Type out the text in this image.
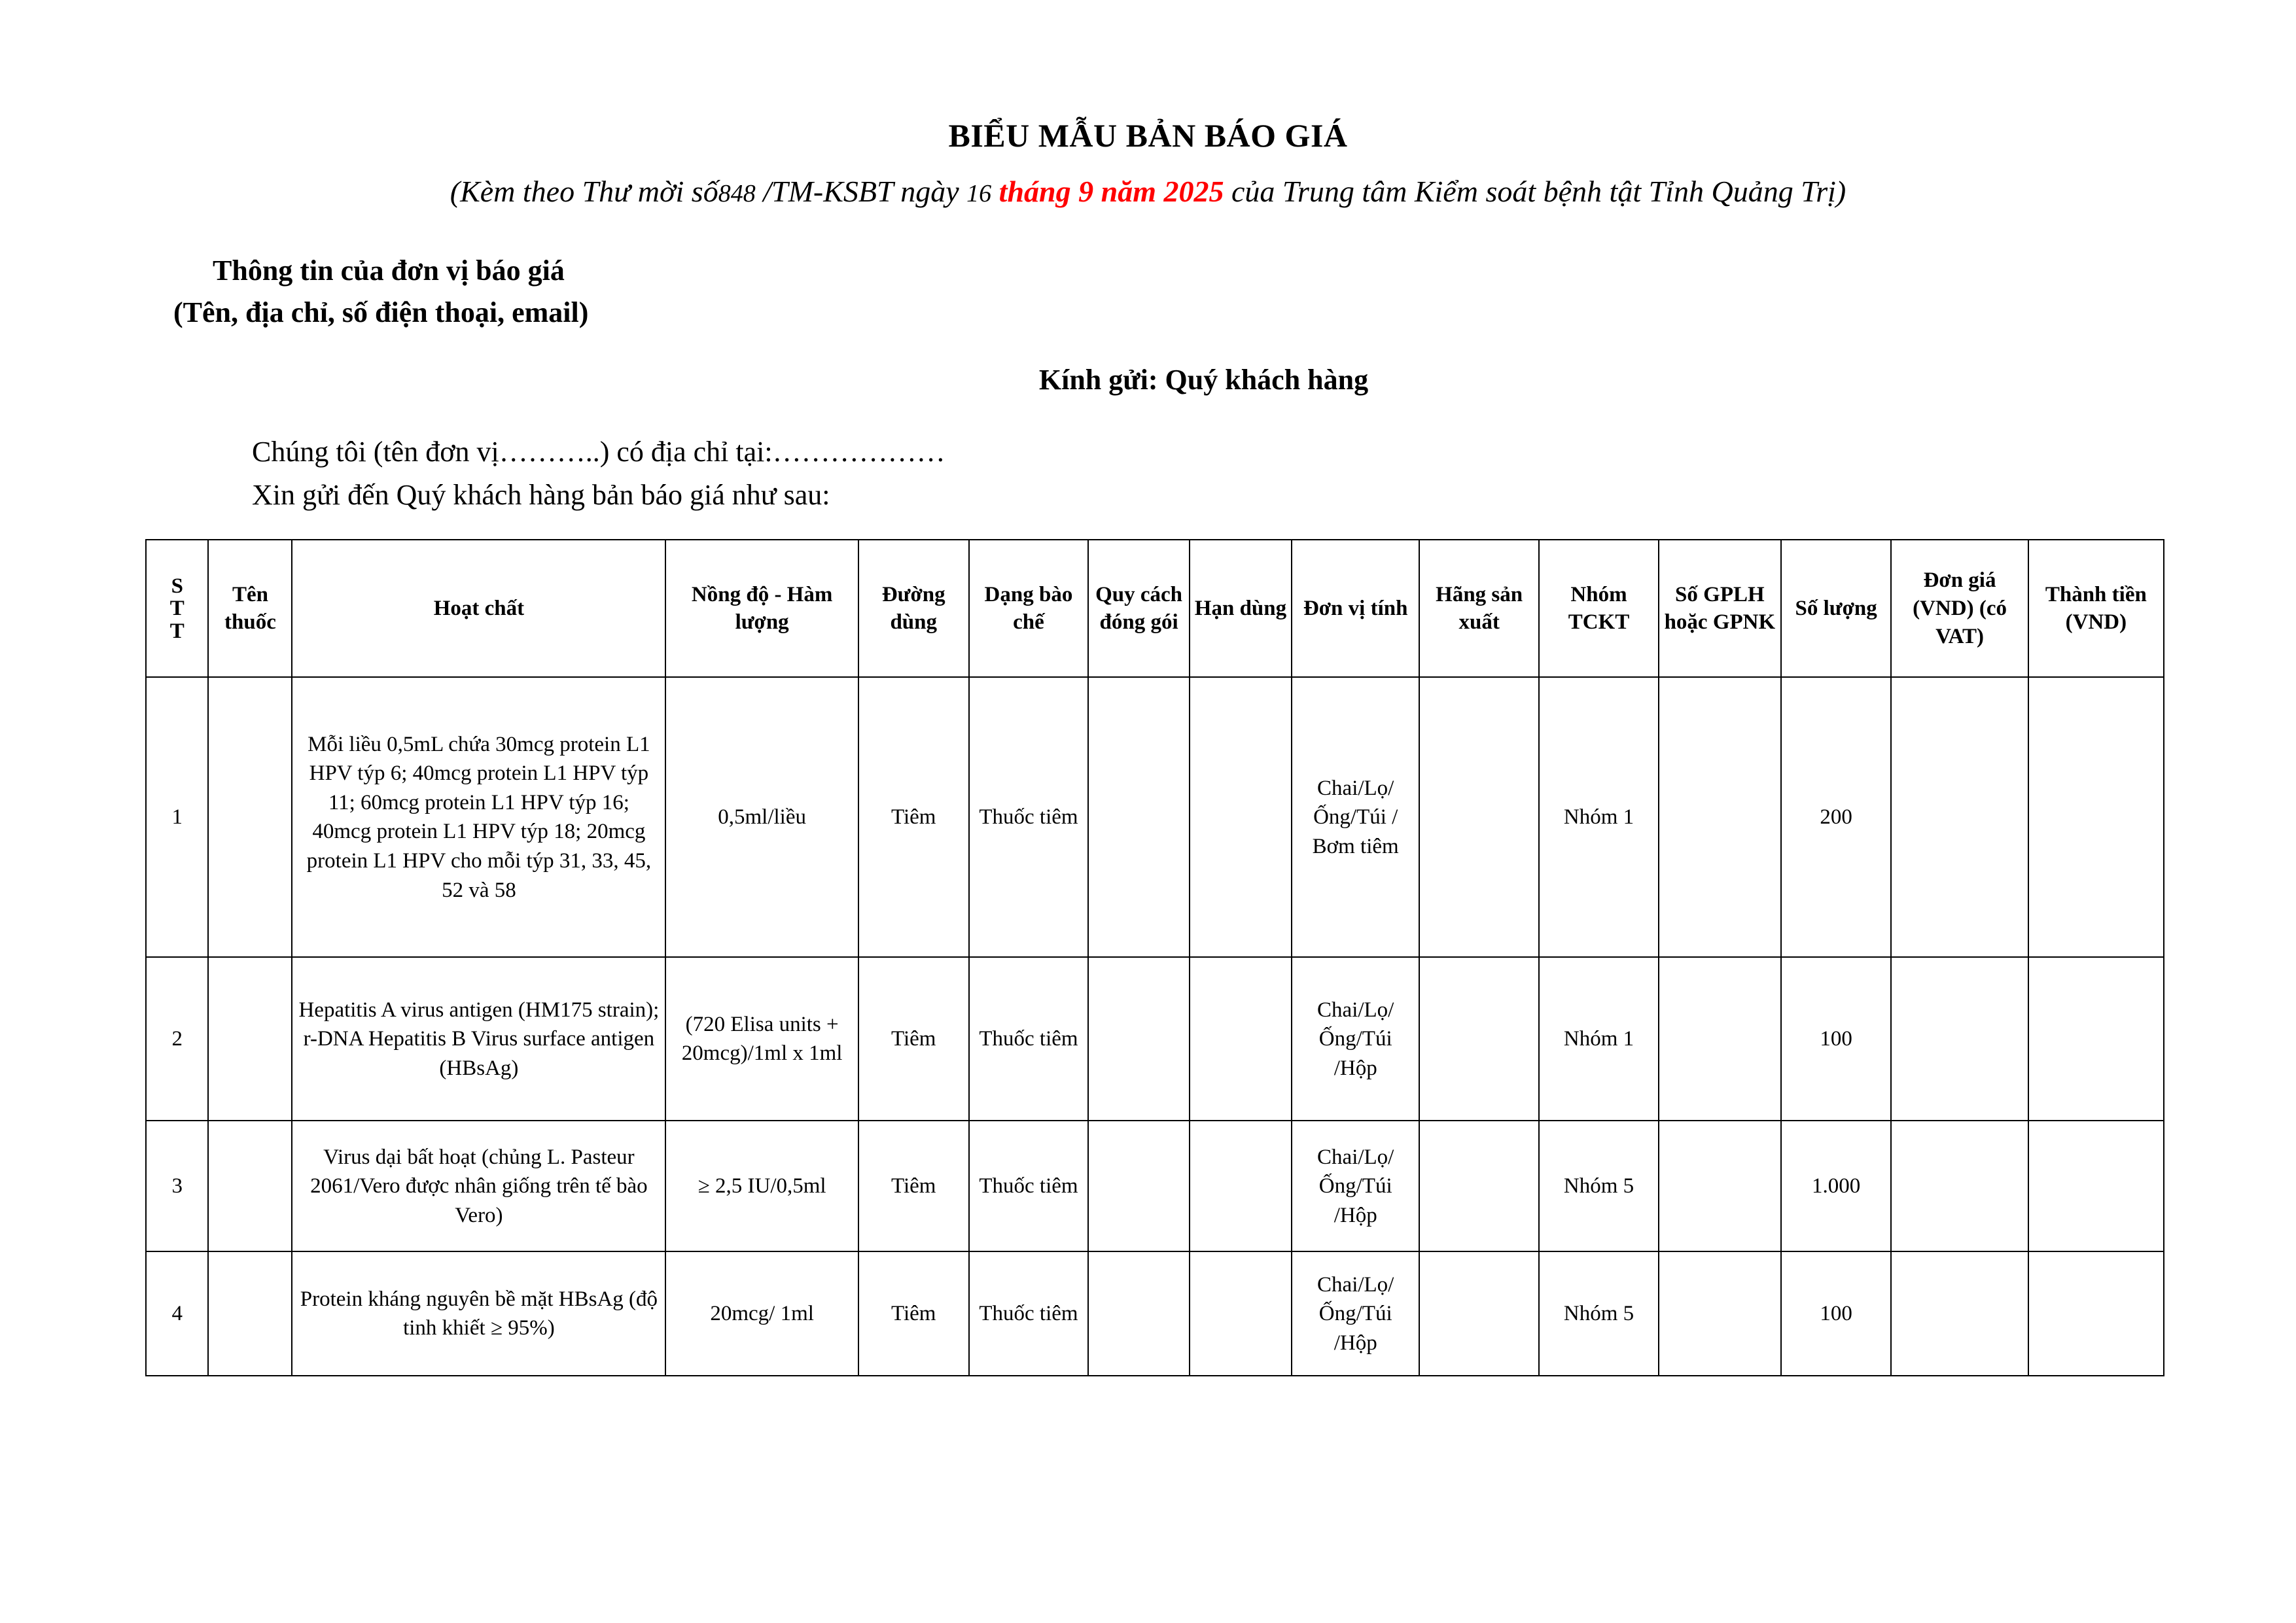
BIỂU MẪU BẢN BÁO GIÁ

(Kèm theo Thư mời số848 /TM-KSBT ngày 16 tháng 9 năm 2025 của Trung tâm Kiểm soát bệnh tật Tỉnh Quảng Trị)

Thông tin của đơn vị báo giá
(Tên, địa chỉ, số điện thoại, email)
Kính gửi: Quý khách hàng
Chúng tôi (tên đơn vị………..) có địa chỉ tại:………………
Xin gửi đến Quý khách hàng bản báo giá như sau:
S
T
T	Tên thuốc	Hoạt chất	Nồng độ - Hàm lượng	Đường dùng	Dạng bào chế	Quy cách đóng gói	Hạn dùng	Đơn vị tính	Hãng sản xuất	Nhóm TCKT	Số GPLH hoặc GPNK	Số lượng	Đơn giá (VND) (có VAT)	Thành tiền (VND)
1		Mỗi liều 0,5mL chứa 30mcg protein L1 HPV týp 6; 40mcg protein L1 HPV týp 11; 60mcg protein L1 HPV týp 16; 40mcg protein L1 HPV týp 18; 20mcg protein L1 HPV cho mỗi týp 31, 33, 45, 52 và 58	0,5ml/liều	Tiêm	Thuốc tiêm			Chai/Lọ/ Ống/Túi / Bơm tiêm		Nhóm 1		200		
2		Hepatitis A virus antigen (HM175 strain); r-DNA Hepatitis B Virus surface antigen (HBsAg)	(720 Elisa units + 20mcg)/1ml x 1ml	Tiêm	Thuốc tiêm			Chai/Lọ/ Ống/Túi /Hộp		Nhóm 1		100		
3		Virus dại bất hoạt (chủng L. Pasteur 2061/Vero được nhân giống trên tế bào Vero)	≥ 2,5 IU/0,5ml	Tiêm	Thuốc tiêm			Chai/Lọ/ Ống/Túi /Hộp		Nhóm 5		1.000		
4		Protein kháng nguyên bề mặt HBsAg (độ tinh khiết ≥ 95%)	20mcg/ 1ml	Tiêm	Thuốc tiêm			Chai/Lọ/ Ống/Túi /Hộp		Nhóm 5		100		
